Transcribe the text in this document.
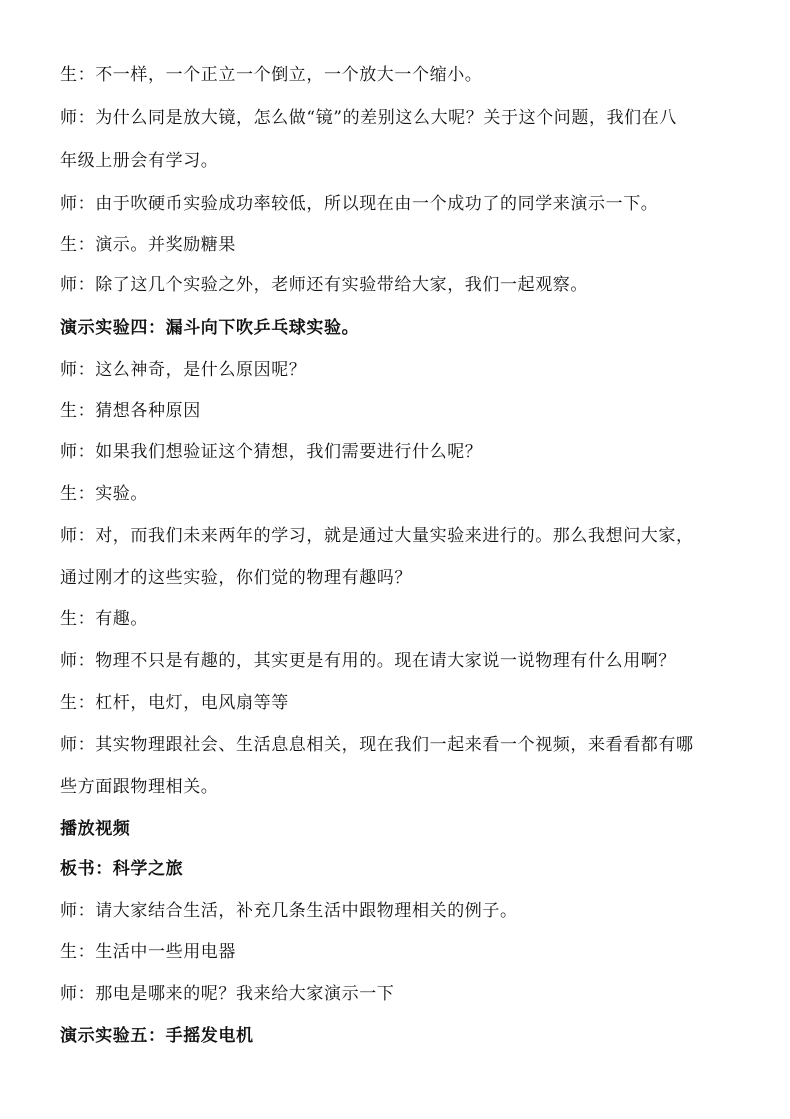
生：不一样，一个正立一个倒立，一个放大一个缩小。
师：为什么同是放大镜，怎么做“镜”的差别这么大呢？关于这个问题，我们在八
年级上册会有学习。
师：由于吹硬币实验成功率较低，所以现在由一个成功了的同学来演示一下。
生：演示。并奖励糖果
师：除了这几个实验之外，老师还有实验带给大家，我们一起观察。
演示实验四：漏斗向下吹乒乓球实验。
师：这么神奇，是什么原因呢？
生：猜想各种原因
师：如果我们想验证这个猜想，我们需要进行什么呢？
生：实验。
师：对，而我们未来两年的学习，就是通过大量实验来进行的。那么我想问大家，
通过刚才的这些实验，你们觉的物理有趣吗？
生：有趣。
师：物理不只是有趣的，其实更是有用的。现在请大家说一说物理有什么用啊？
生：杠杆，电灯，电风扇等等
师：其实物理跟社会、生活息息相关，现在我们一起来看一个视频，来看看都有哪
些方面跟物理相关。
播放视频
板书：科学之旅
师：请大家结合生活，补充几条生活中跟物理相关的例子。
生：生活中一些用电器
师：那电是哪来的呢？我来给大家演示一下
演示实验五：手摇发电机
